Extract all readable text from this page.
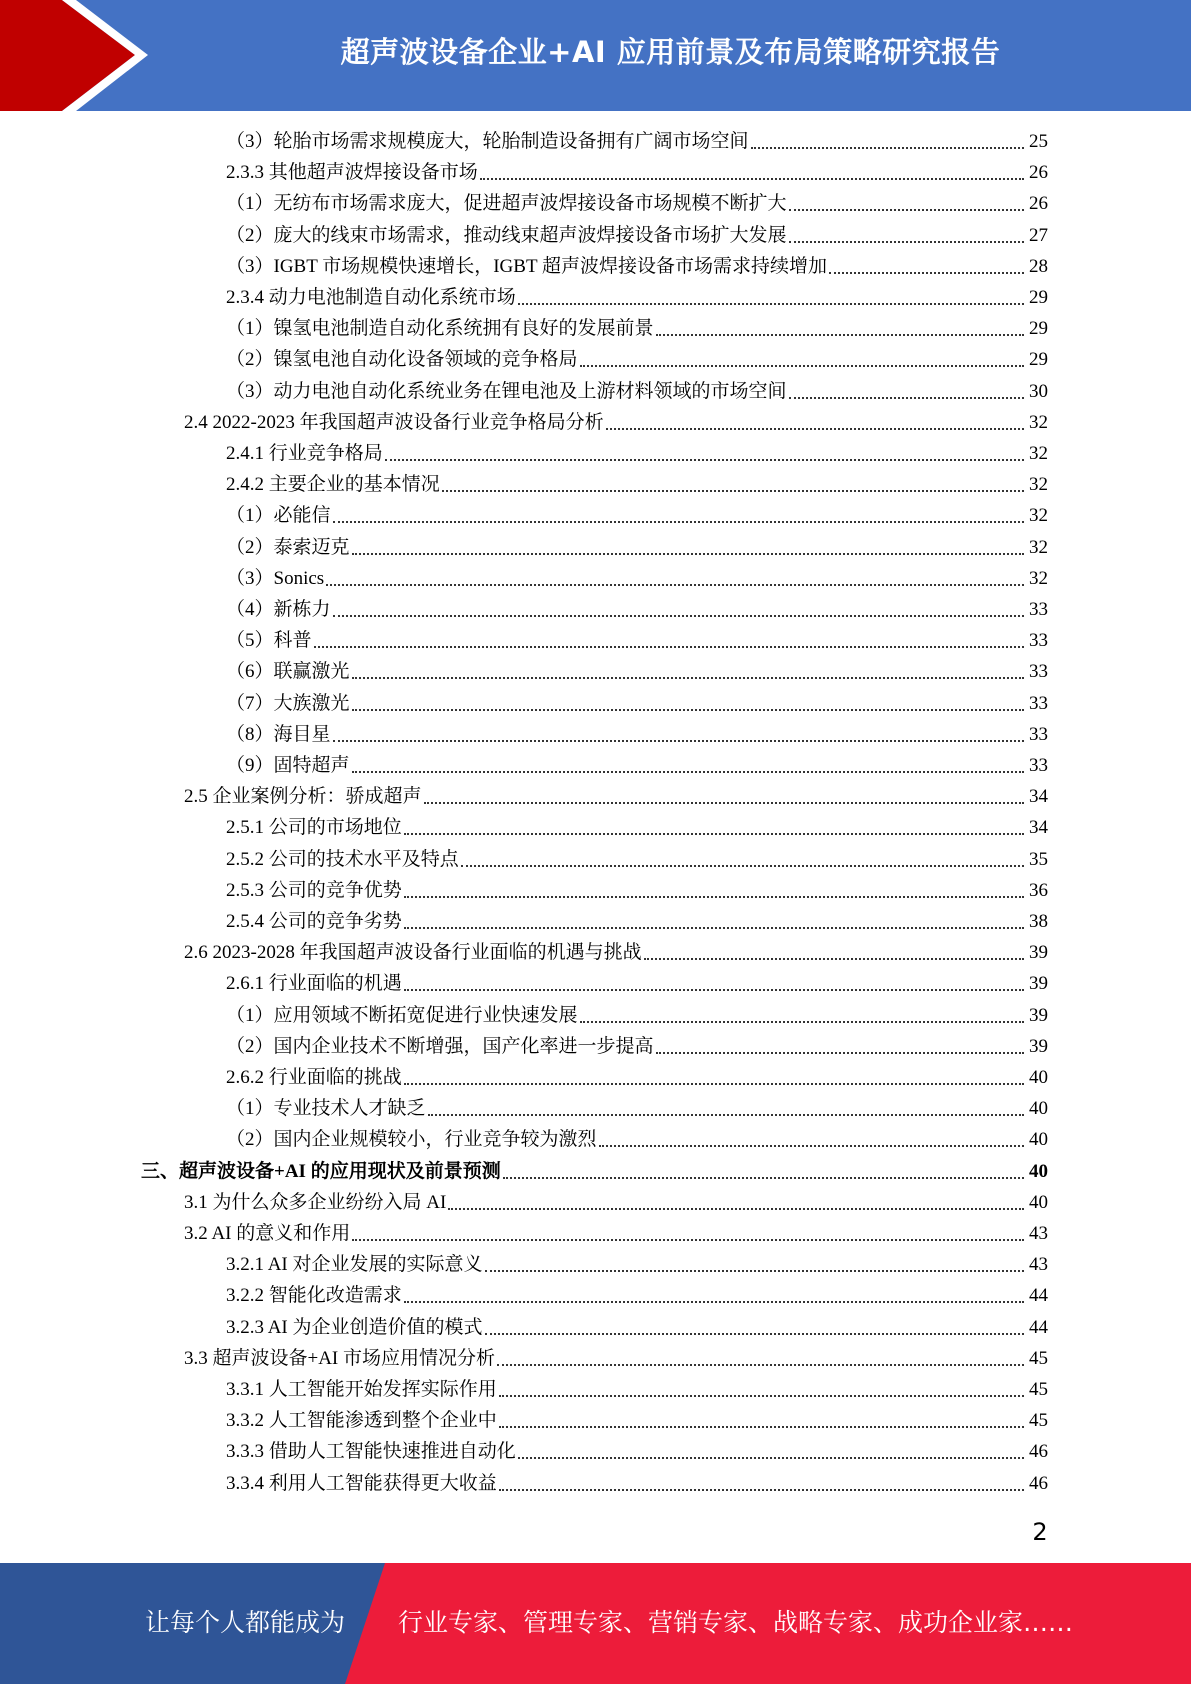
超声波设备企业+AI 应用前景及布局策略研究报告
（3）轮胎市场需求规模庞大，轮胎制造设备拥有广阔市场空间	25
2.3.3 其他超声波焊接设备市场	26
（1）无纺布市场需求庞大，促进超声波焊接设备市场规模不断扩大	26
（2）庞大的线束市场需求，推动线束超声波焊接设备市场扩大发展	27
（3）IGBT 市场规模快速增长，IGBT 超声波焊接设备市场需求持续增加	28
2.3.4 动力电池制造自动化系统市场	29
（1）镍氢电池制造自动化系统拥有良好的发展前景	29
（2）镍氢电池自动化设备领域的竞争格局	29
（3）动力电池自动化系统业务在锂电池及上游材料领域的市场空间	30
2.4 2022-2023 年我国超声波设备行业竞争格局分析	32
2.4.1 行业竞争格局	32
2.4.2 主要企业的基本情况	32
（1）必能信	32
（2）泰索迈克	32
（3）Sonics	32
（4）新栋力	33
（5）科普	33
（6）联赢激光	33
（7）大族激光	33
（8）海目星	33
（9）固特超声	33
2.5 企业案例分析：骄成超声	34
2.5.1 公司的市场地位	34
2.5.2 公司的技术水平及特点	35
2.5.3 公司的竞争优势	36
2.5.4 公司的竞争劣势	38
2.6 2023-2028 年我国超声波设备行业面临的机遇与挑战	39
2.6.1 行业面临的机遇	39
（1）应用领域不断拓宽促进行业快速发展	39
（2）国内企业技术不断增强，国产化率进一步提高	39
2.6.2 行业面临的挑战	40
（1）专业技术人才缺乏	40
（2）国内企业规模较小，行业竞争较为激烈	40
三、超声波设备+AI 的应用现状及前景预测	40
3.1 为什么众多企业纷纷入局 AI	40
3.2 AI 的意义和作用	43
3.2.1 AI 对企业发展的实际意义	43
3.2.2 智能化改造需求	44
3.2.3 AI 为企业创造价值的模式	44
3.3 超声波设备+AI 市场应用情况分析	45
3.3.1 人工智能开始发挥实际作用	45
3.3.2 人工智能渗透到整个企业中	45
3.3.3 借助人工智能快速推进自动化	46
3.3.4 利用人工智能获得更大收益	46
2
让每个人都能成为 行业专家、管理专家、营销专家、战略专家、成功企业家……
